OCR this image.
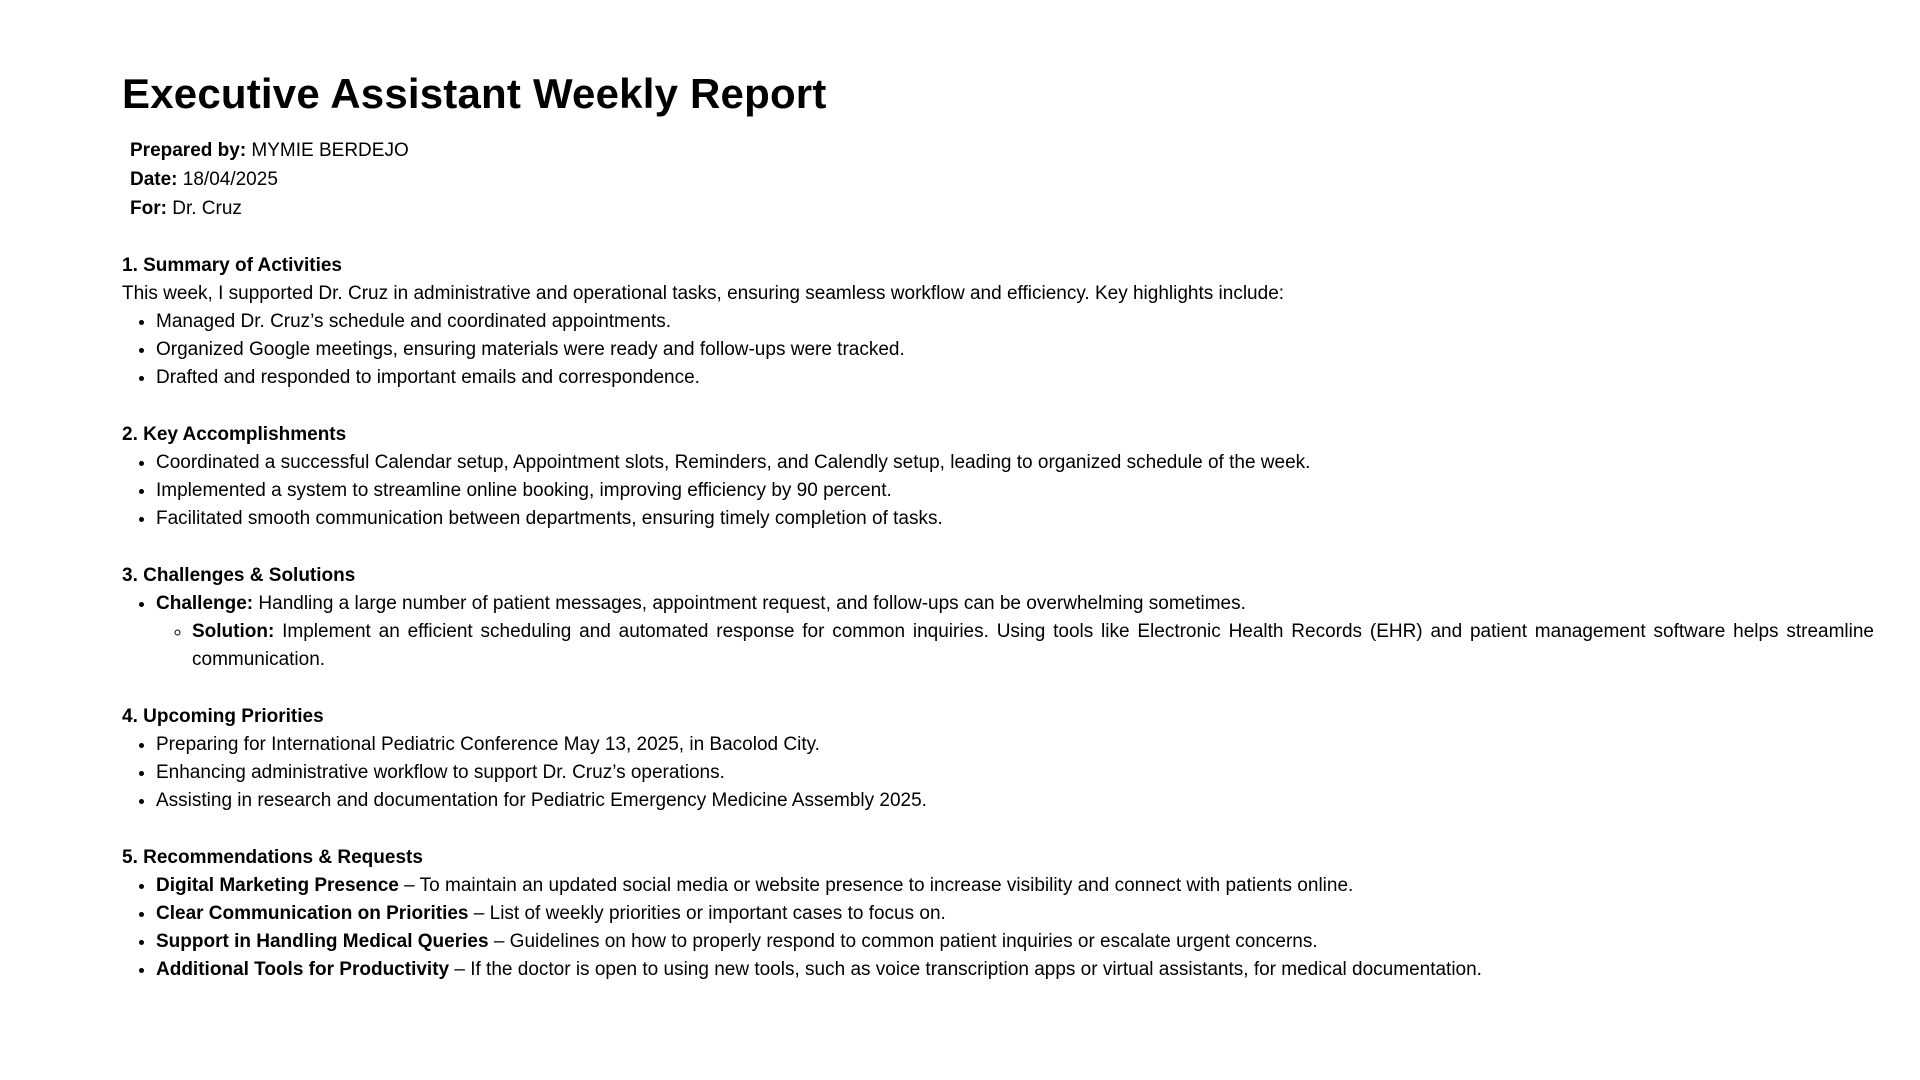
Executive Assistant Weekly Report

Prepared by: MYMIE BERDEJO

Date: 18/04/2025

For: Dr. Cruz

1. Summary of Activities

This week, I supported Dr. Cruz in administrative and operational tasks, ensuring seamless workflow and efficiency. Key highlights include:

• Managed Dr. Cruz’s schedule and coordinated appointments.
• Organized Google meetings, ensuring materials were ready and follow-ups were tracked.
• Drafted and responded to important emails and correspondence.

2. Key Accomplishments

• Coordinated a successful Calendar setup, Appointment slots, Reminders, and Calendly setup, leading to organized schedule of the week.
• Implemented a system to streamline online booking, improving efficiency by 90 percent.
• Facilitated smooth communication between departments, ensuring timely completion of tasks.

3. Challenges & Solutions

• Challenge: Handling a large number of patient messages, appointment request, and follow-ups can be overwhelming sometimes.
◦ Solution: Implement an efficient scheduling and automated response for common inquiries. Using tools like Electronic Health Records (EHR) and patient management software helps streamline communication.

4. Upcoming Priorities

• Preparing for International Pediatric Conference May 13, 2025, in Bacolod City.
• Enhancing administrative workflow to support Dr. Cruz’s operations.
• Assisting in research and documentation for Pediatric Emergency Medicine Assembly 2025.

5. Recommendations & Requests

• Digital Marketing Presence – To maintain an updated social media or website presence to increase visibility and connect with patients online.
• Clear Communication on Priorities – List of weekly priorities or important cases to focus on.
• Support in Handling Medical Queries – Guidelines on how to properly respond to common patient inquiries or escalate urgent concerns.
• Additional Tools for Productivity – If the doctor is open to using new tools, such as voice transcription apps or virtual assistants, for medical documentation.
